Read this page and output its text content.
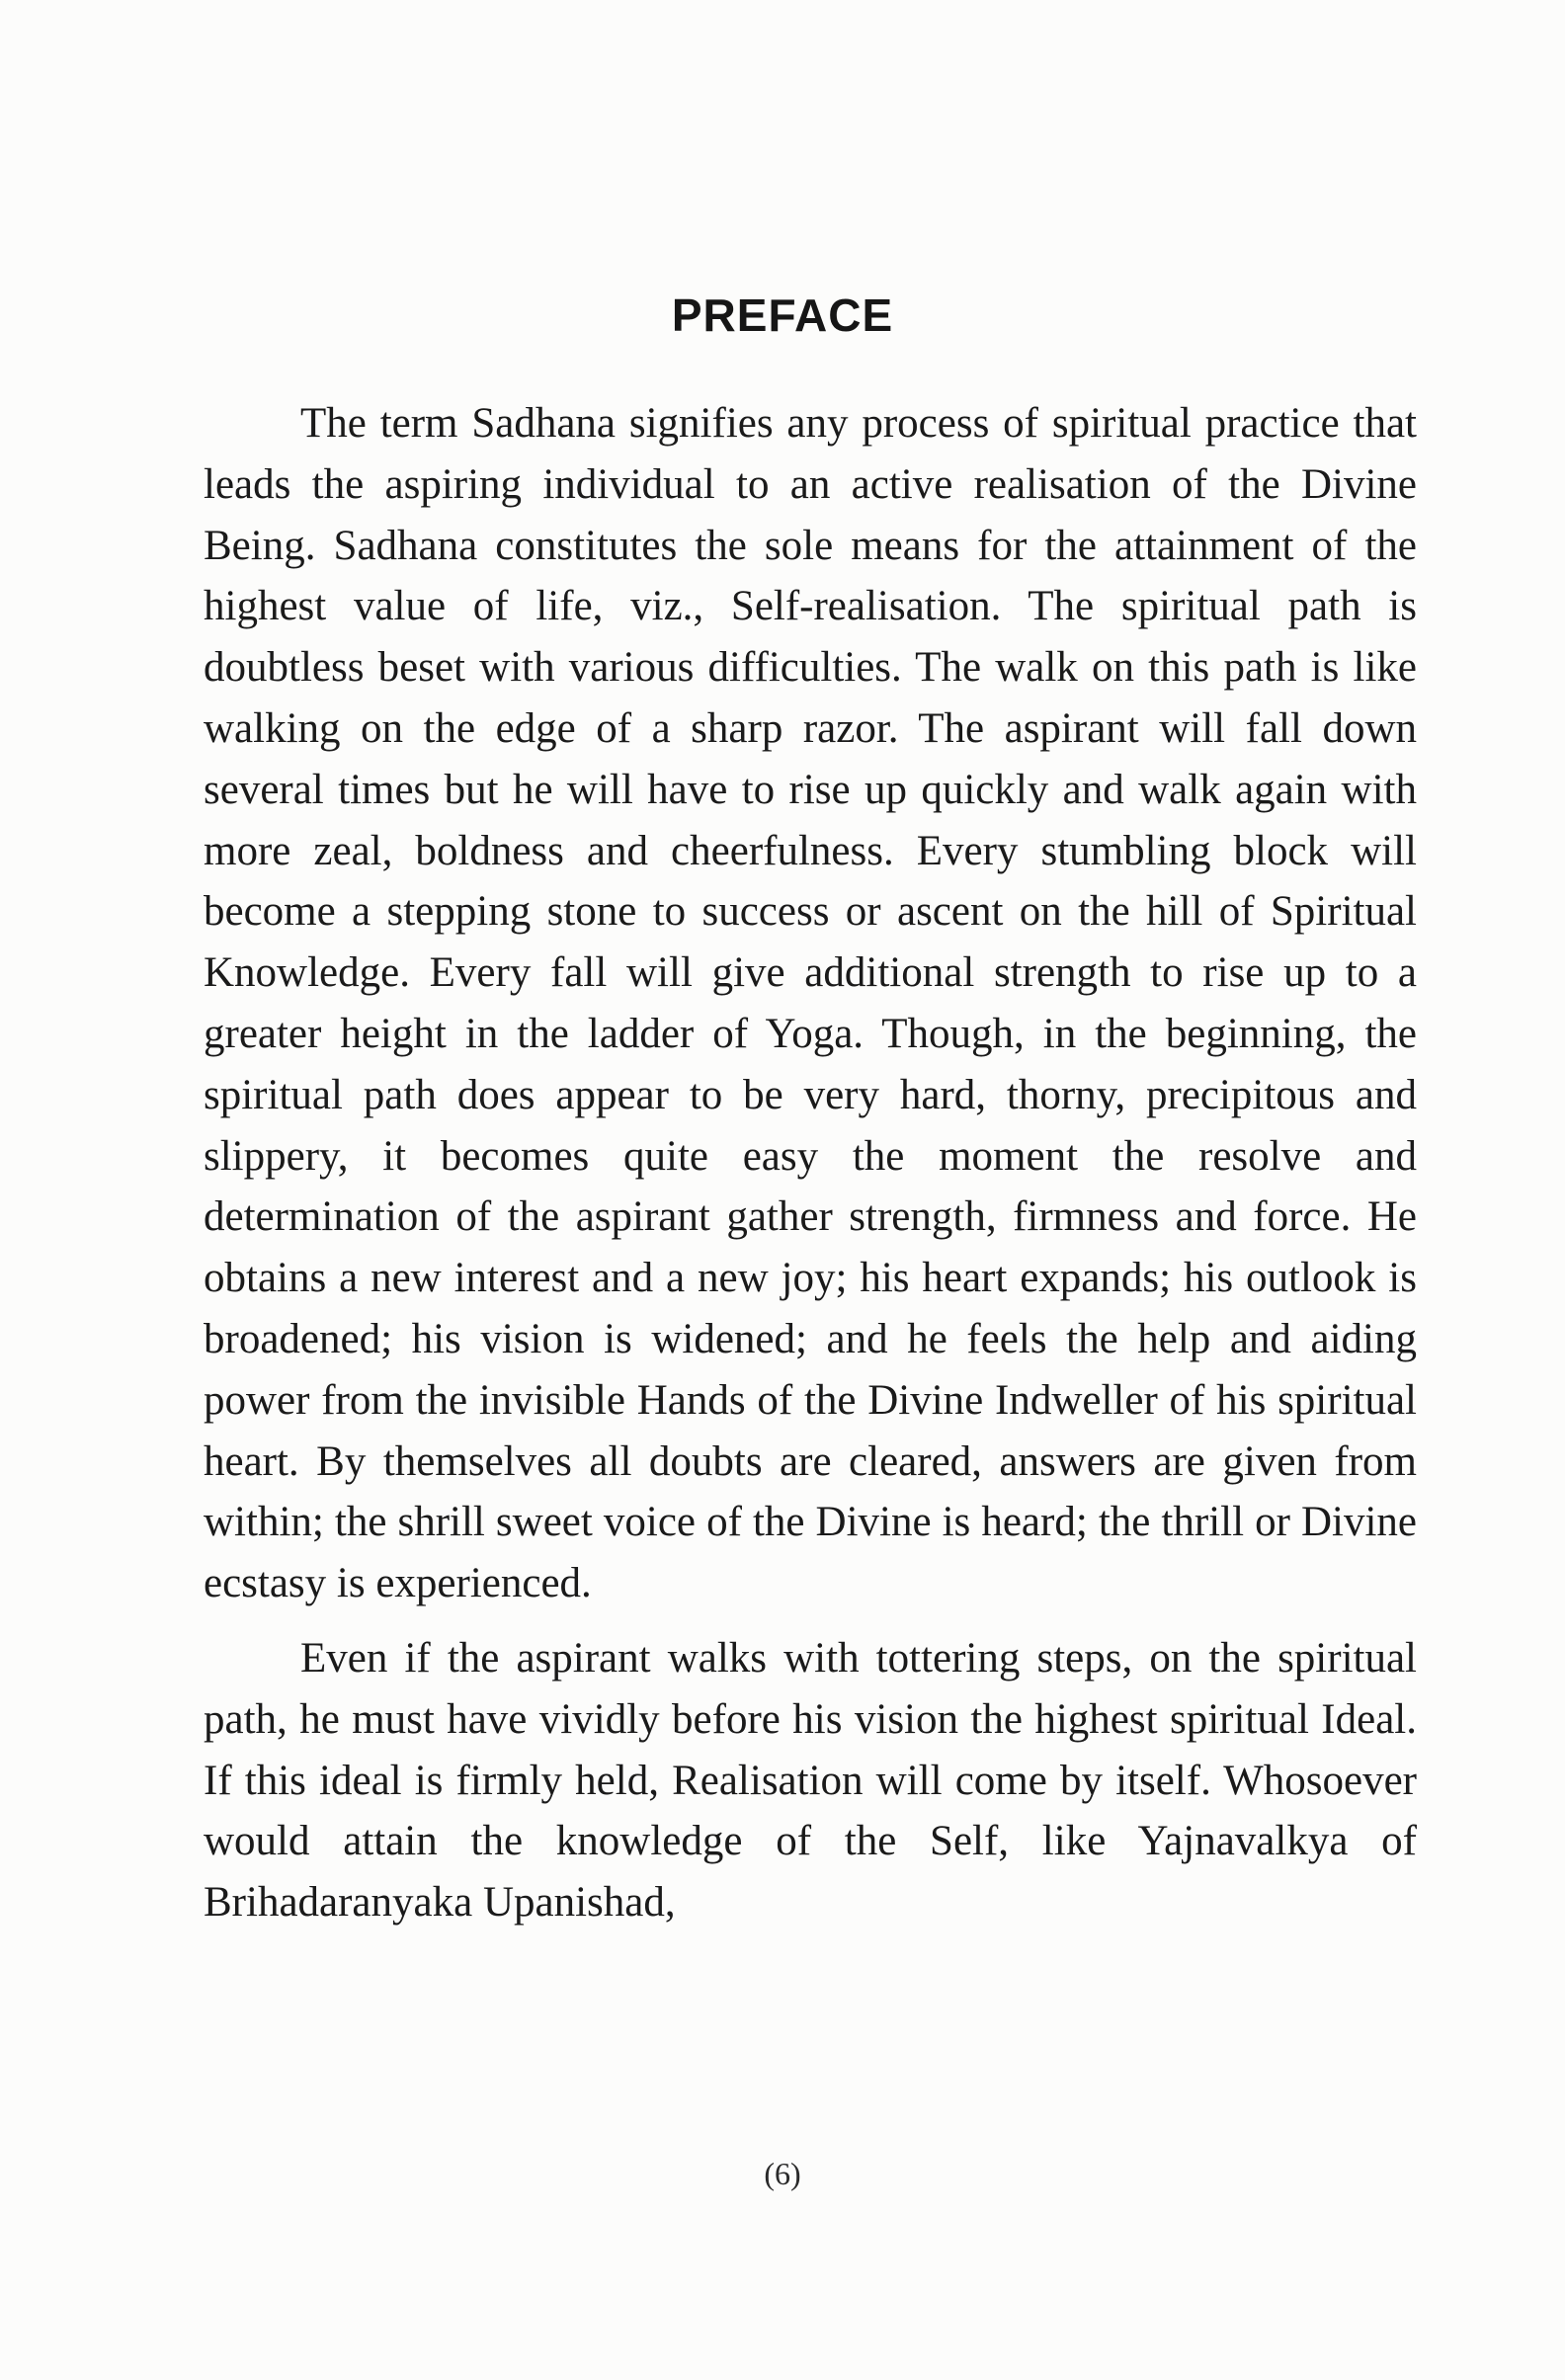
PREFACE

The term Sadhana signifies any process of spiritual practice that leads the aspiring individual to an active realisation of the Divine Being. Sadhana constitutes the sole means for the attainment of the highest value of life, viz., Self-realisation. The spiritual path is doubtless beset with various difficulties. The walk on this path is like walking on the edge of a sharp razor. The aspirant will fall down several times but he will have to rise up quickly and walk again with more zeal, boldness and cheerfulness. Every stumbling block will become a stepping stone to success or ascent on the hill of Spiritual Knowledge. Every fall will give additional strength to rise up to a greater height in the ladder of Yoga. Though, in the beginning, the spiritual path does appear to be very hard, thorny, precipitous and slippery, it becomes quite easy the moment the resolve and determination of the aspirant gather strength, firmness and force. He obtains a new interest and a new joy; his heart expands; his outlook is broadened; his vision is widened; and he feels the help and aiding power from the invisible Hands of the Divine Indweller of his spiritual heart. By themselves all doubts are cleared, answers are given from within; the shrill sweet voice of the Divine is heard; the thrill or Divine ecstasy is experienced.

Even if the aspirant walks with tottering steps, on the spiritual path, he must have vividly before his vision the highest spiritual Ideal. If this ideal is firmly held, Realisation will come by itself. Whosoever would attain the knowledge of the Self, like Yajnavalkya of Brihadaranyaka Upanishad,

(6)
